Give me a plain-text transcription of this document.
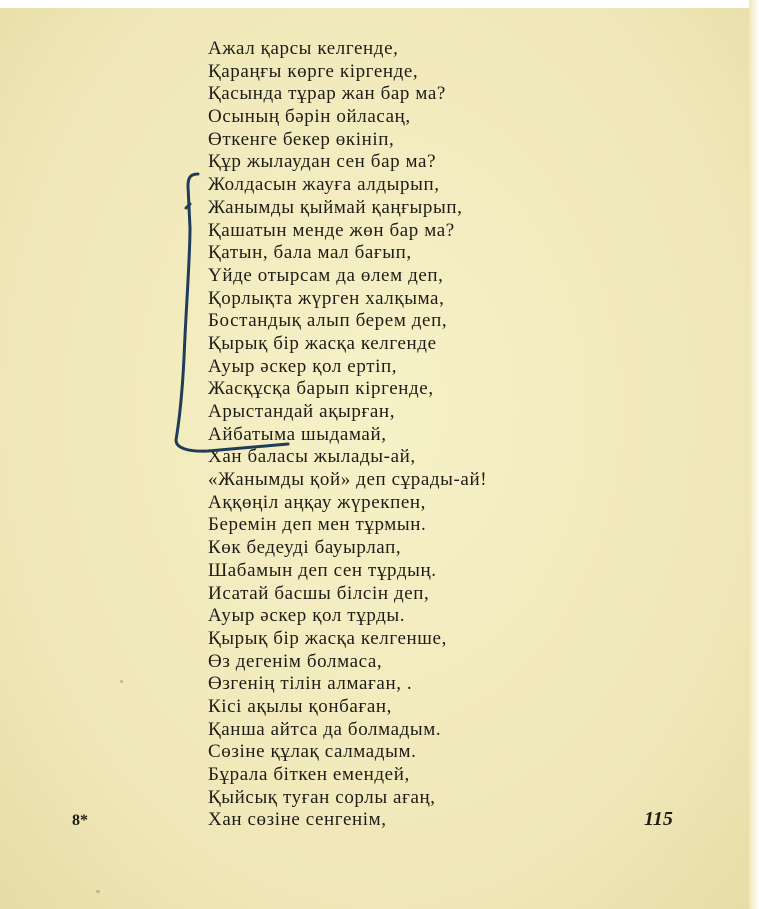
Ажал қарсы келгенде,
Қараңғы көрге кіргенде,
Қасында тұрар жан бар ма?
Осының бәрін ойласаң,
Өткенге бекер өкініп,
Құр жылаудан сен бар ма?
Жолдасын жауға алдырып,
Жанымды қыймай қаңғырып,
Қашатын менде жөн бар ма?
Қатын, бала мал бағып,
Үйде отырсам да өлем деп,
Қорлықта жүрген халқыма,
Бостандық алып берем деп,
Қырық бір жасқа келгенде
Ауыр әскер қол ертіп,
Жасқұсқа барып кіргенде,
Арыстандай ақырған,
Айбатыма шыдамай,
Хан баласы жылады-ай,
«Жанымды қой» деп сұрады-ай!
Аққөңіл аңқау жүрекпен,
Беремін деп мен тұрмын.
Көк бедеуді бауырлап,
Шабамын деп сен тұрдың.
Исатай басшы білсін деп,
Ауыр әскер қол тұрды.
Қырық бір жасқа келгенше,
Өз дегенім болмаса,
Өзгенің тілін алмаған, .
Кісі ақылы қонбаған,
Қанша айтса да болмадым.
Сөзіне құлақ салмадым.
Бұрала біткен емендей,
Қыйсық туған сорлы ағаң,
Хан сөзіне сенгенім,
8*	115
